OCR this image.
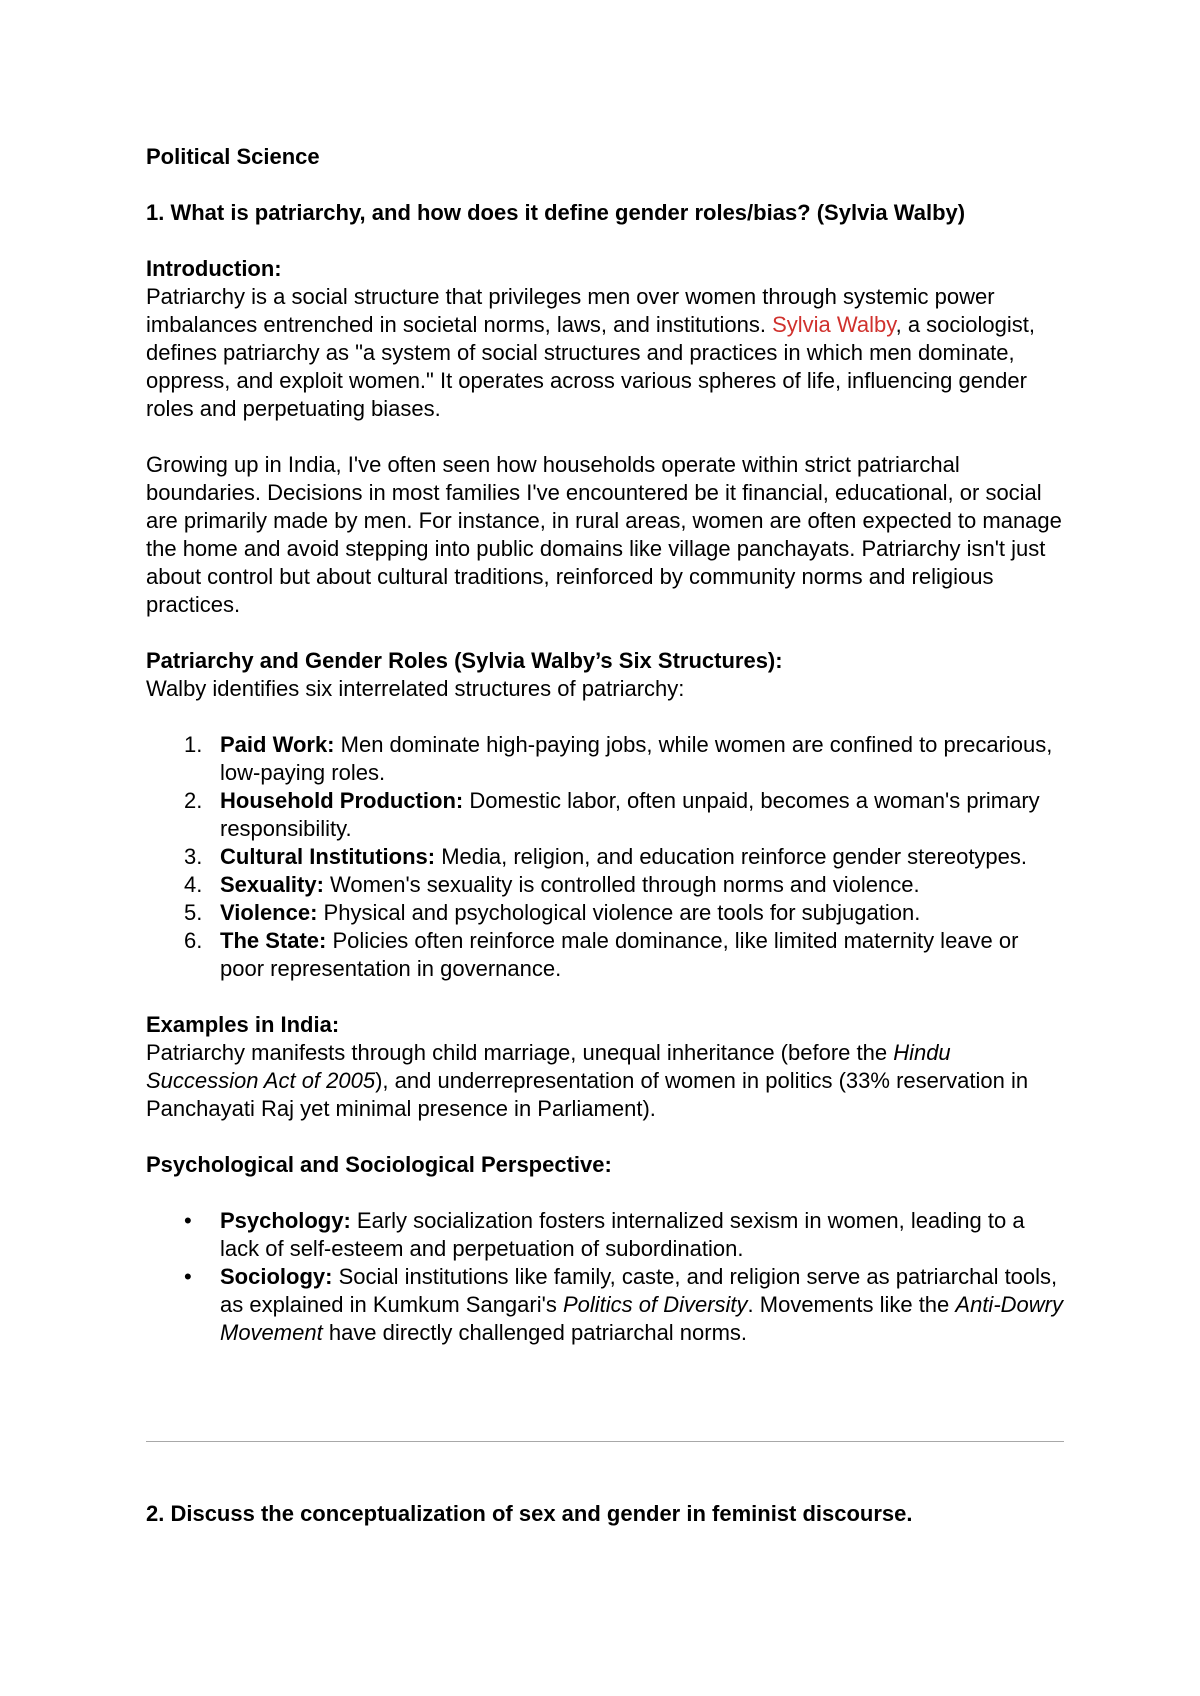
Political Science

1. What is patriarchy, and how does it define gender roles/bias? (Sylvia Walby)

Introduction:

Patriarchy is a social structure that privileges men over women through systemic power imbalances entrenched in societal norms, laws, and institutions. Sylvia Walby, a sociologist, defines patriarchy as "a system of social structures and practices in which men dominate, oppress, and exploit women." It operates across various spheres of life, influencing gender roles and perpetuating biases.

Growing up in India, I've often seen how households operate within strict patriarchal boundaries. Decisions in most families I've encountered be it financial, educational, or social are primarily made by men. For instance, in rural areas, women are often expected to manage the home and avoid stepping into public domains like village panchayats. Patriarchy isn't just about control but about cultural traditions, reinforced by community norms and religious practices.

Patriarchy and Gender Roles (Sylvia Walby’s Six Structures):

Walby identifies six interrelated structures of patriarchy:

1. Paid Work: Men dominate high-paying jobs, while women are confined to precarious, low-paying roles.
2. Household Production: Domestic labor, often unpaid, becomes a woman's primary responsibility.
3. Cultural Institutions: Media, religion, and education reinforce gender stereotypes.
4. Sexuality: Women's sexuality is controlled through norms and violence.
5. Violence: Physical and psychological violence are tools for subjugation.
6. The State: Policies often reinforce male dominance, like limited maternity leave or poor representation in governance.
Examples in India:

Patriarchy manifests through child marriage, unequal inheritance (before the Hindu Succession Act of 2005), and underrepresentation of women in politics (33% reservation in Panchayati Raj yet minimal presence in Parliament).

Psychological and Sociological Perspective:
• Psychology: Early socialization fosters internalized sexism in women, leading to a lack of self-esteem and perpetuation of subordination.
• Sociology: Social institutions like family, caste, and religion serve as patriarchal tools, as explained in Kumkum Sangari's Politics of Diversity. Movements like the Anti-Dowry Movement have directly challenged patriarchal norms.

2. Discuss the conceptualization of sex and gender in feminist discourse.
